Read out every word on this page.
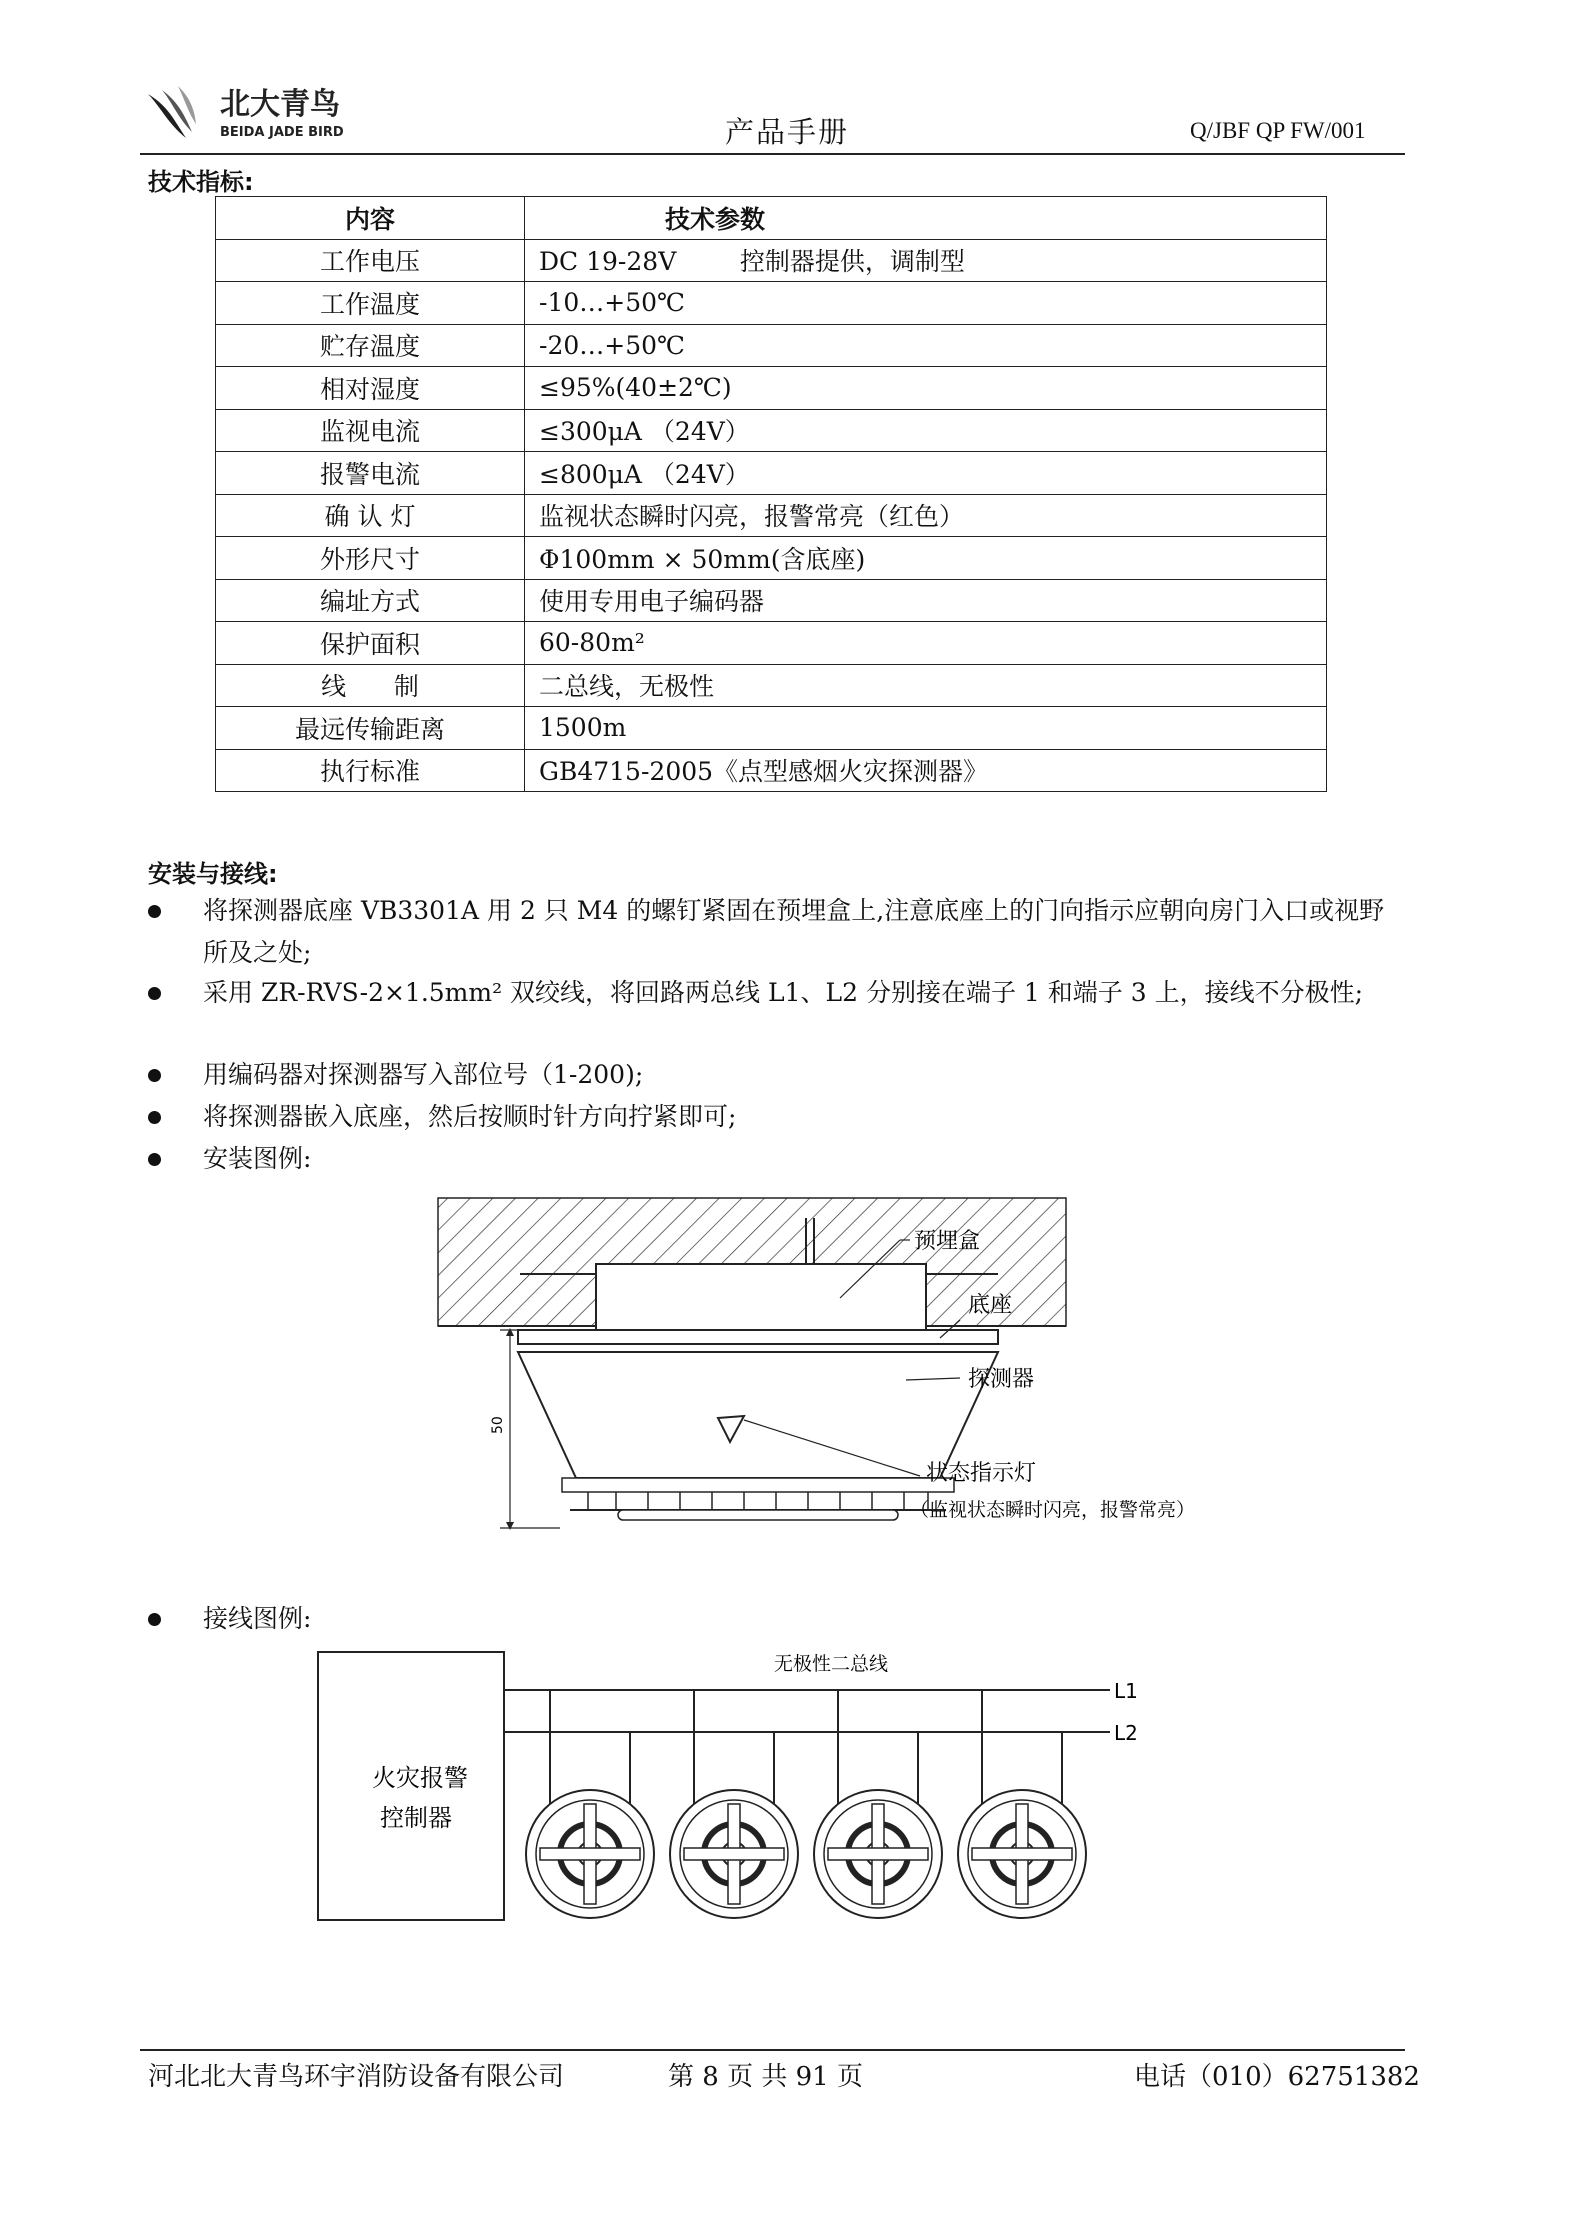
北大青鸟
BEIDA JADE BIRD	产品手册	Q/JBF QP FW/001
技术指标:
内容	技术参数
工作电压	DC 19-28V        控制器提供，调制型
工作温度	-10…+50℃
贮存温度	-20…+50℃
相对湿度	≤95%(40±2℃)
监视电流	≤300μA （24V）
报警电流	≤800μA （24V）
确 认 灯	监视状态瞬时闪亮，报警常亮（红色）
外形尺寸	Φ100mm × 50mm(含底座)
编址方式	使用专用电子编码器
保护面积	60-80m²
线      制	二总线，无极性
最远传输距离	1500m
执行标准	GB4715-2005《点型感烟火灾探测器》
安装与接线:
将探测器底座 VB3301A 用 2 只 M4 的螺钉紧固在预埋盒上,注意底座上的门向指示应朝向房门入口或视野所及之处;
采用 ZR-RVS-2×1.5mm² 双绞线，将回路两总线 L1、L2 分别接在端子 1 和端子 3 上，接线不分极性;
用编码器对探测器写入部位号（1-200);
将探测器嵌入底座，然后按顺时针方向拧紧即可;
安装图例:
50
预埋盒
底座
探测器
状态指示灯
（监视状态瞬时闪亮，报警常亮）
接线图例:
火灾报警
控制器
无极性二总线
L1
L2
河北北大青鸟环宇消防设备有限公司	第 8 页 共 91 页	电话（010）62751382
